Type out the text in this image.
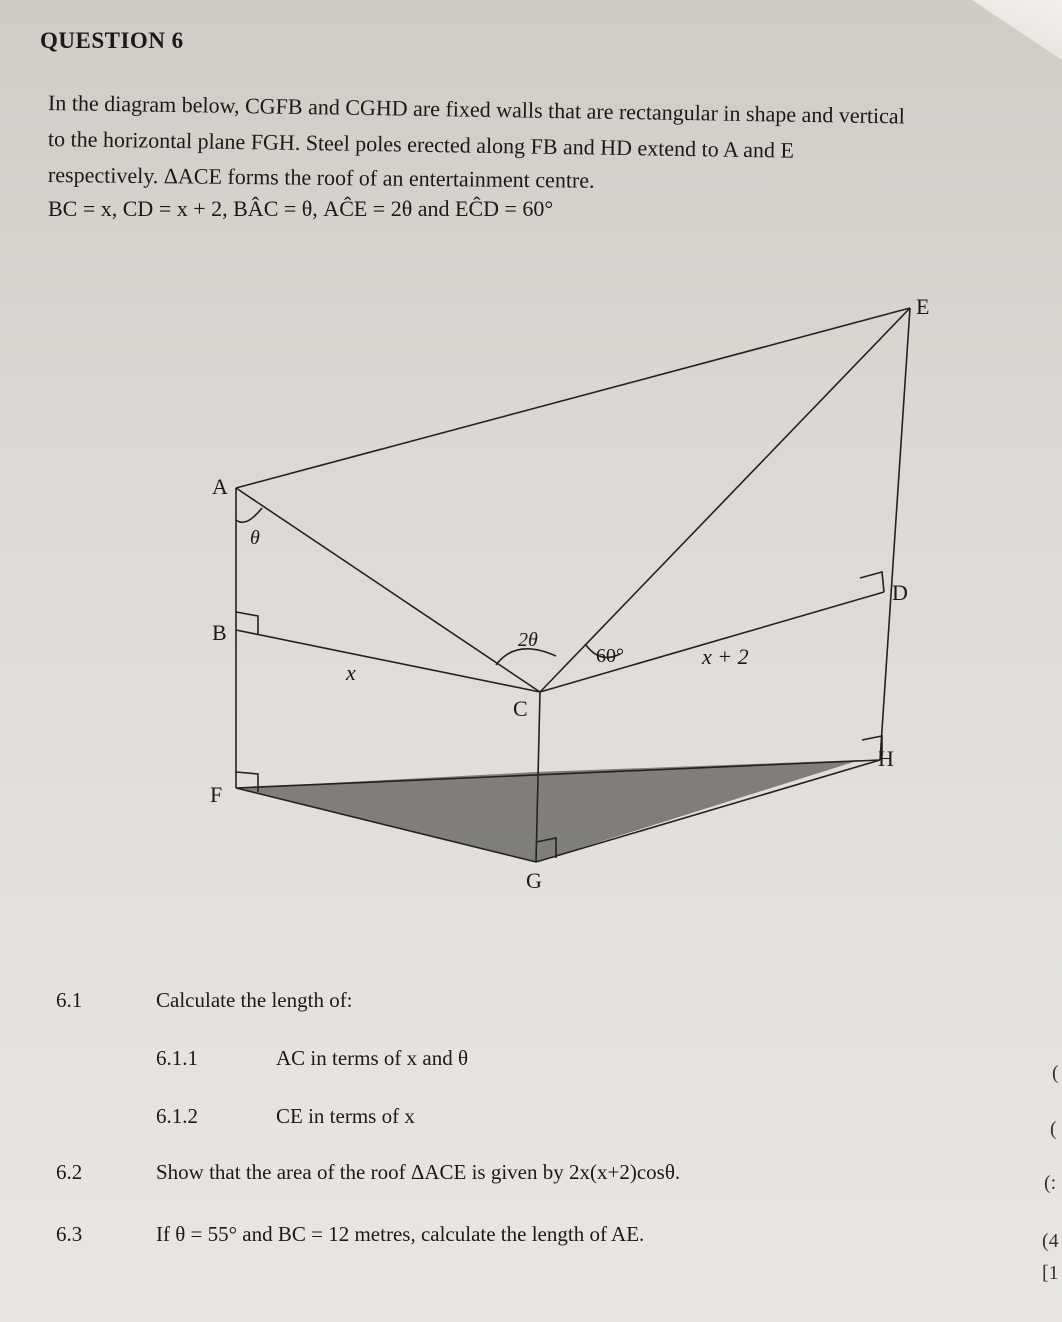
QUESTION 6
In the diagram below, CGFB and CGHD are fixed walls that are rectangular in shape and vertical
to the horizontal plane FGH. Steel poles erected along FB and HD extend to A and E
respectively. ΔACE forms the roof of an entertainment centre.
BC = x, CD = x + 2, BÂC = θ, AĈE = 2θ and EĈD = 60°
A
B
C
D
E
F
G
H
x
x + 2
θ
2θ
60°
6.1	Calculate the length of:
6.1.1	AC in terms of x and θ
(
6.1.2	CE in terms of x
(
6.2	Show that the area of the roof ΔACE is given by 2x(x+2)cosθ.	(:
6.3	If θ = 55° and BC = 12 metres, calculate the length of AE.	(4
[1
